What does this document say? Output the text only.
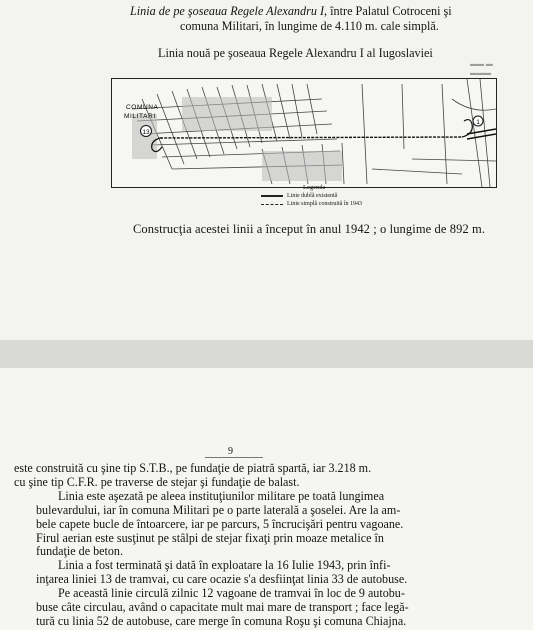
▬▬ ▬
▬▬▬

Linia de pe şoseaua Regele Alexandru I, între Palatul Cotroceni şi
comuna Militari, în lungime de 4.110 m. cale simplă.
Linia nouă pe şoseaua Regele Alexandru I al Iugoslaviei
13
1
COMUNA
MILITARI
Legenda
Linie dublă existentă
Linie simplă construită în 1943
Construcţia acestei linii a început în anul 1942 ; o lungime de 892 m.
9

este construită cu şine tip S.T.B., pe fundaţie de piatră spartă, iar 3.218 m.
cu şine tip C.F.R. pe traverse de stejar şi fundaţie de balast.

Linia este aşezată pe aleea instituţiunilor militare pe toată lungimea
bulevardului, iar în comuna Militari pe o parte laterală a şoselei. Are la am-
bele capete bucle de întoarcere, iar pe parcurs, 5 încrucişări pentru vagoane.
Firul aerian este susţinut pe stâlpi de stejar fixaţi prin moaze metalice în
fundaţie de beton.

Linia a fost terminată şi dată în exploatare la 16 Iulie 1943, prin înfi-
inţarea liniei 13 de tramvai, cu care ocazie s'a desfiinţat linia 33 de autobuse.

Pe această linie circulă zilnic 12 vagoane de tramvai în loc de 9 autobu-
buse câte circulau, având o capacitate mult mai mare de transport ; face legă-
tură cu linia 52 de autobuse, care merge în comuna Roşu şi comuna Chiajna.
